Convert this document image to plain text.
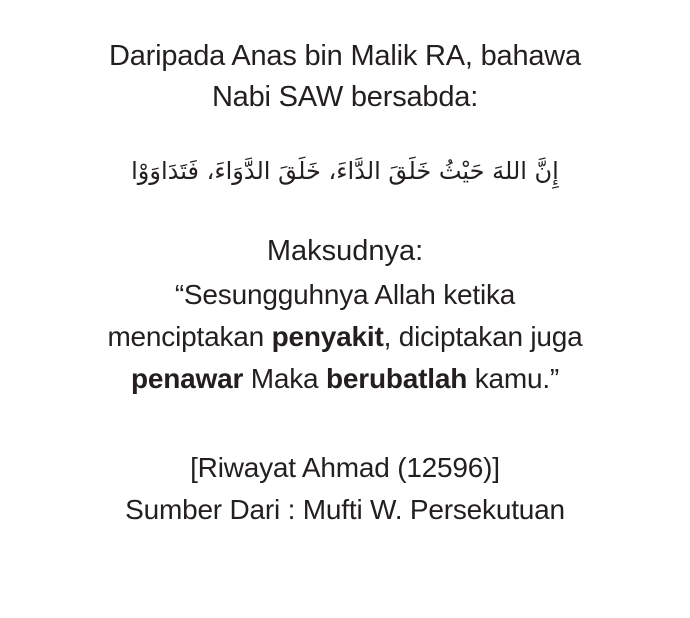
Daripada Anas bin Malik RA, bahawa
Nabi SAW bersabda:
إِنَّ اللهَ حَيْثُ خَلَقَ الدَّاءَ، خَلَقَ الدَّوَاءَ، فَتَدَاوَوْا
Maksudnya:
“Sesungguhnya Allah ketika
menciptakan penyakit, diciptakan juga
penawar Maka berubatlah kamu.”
[Riwayat Ahmad (12596)]
Sumber Dari : Mufti W. Persekutuan
